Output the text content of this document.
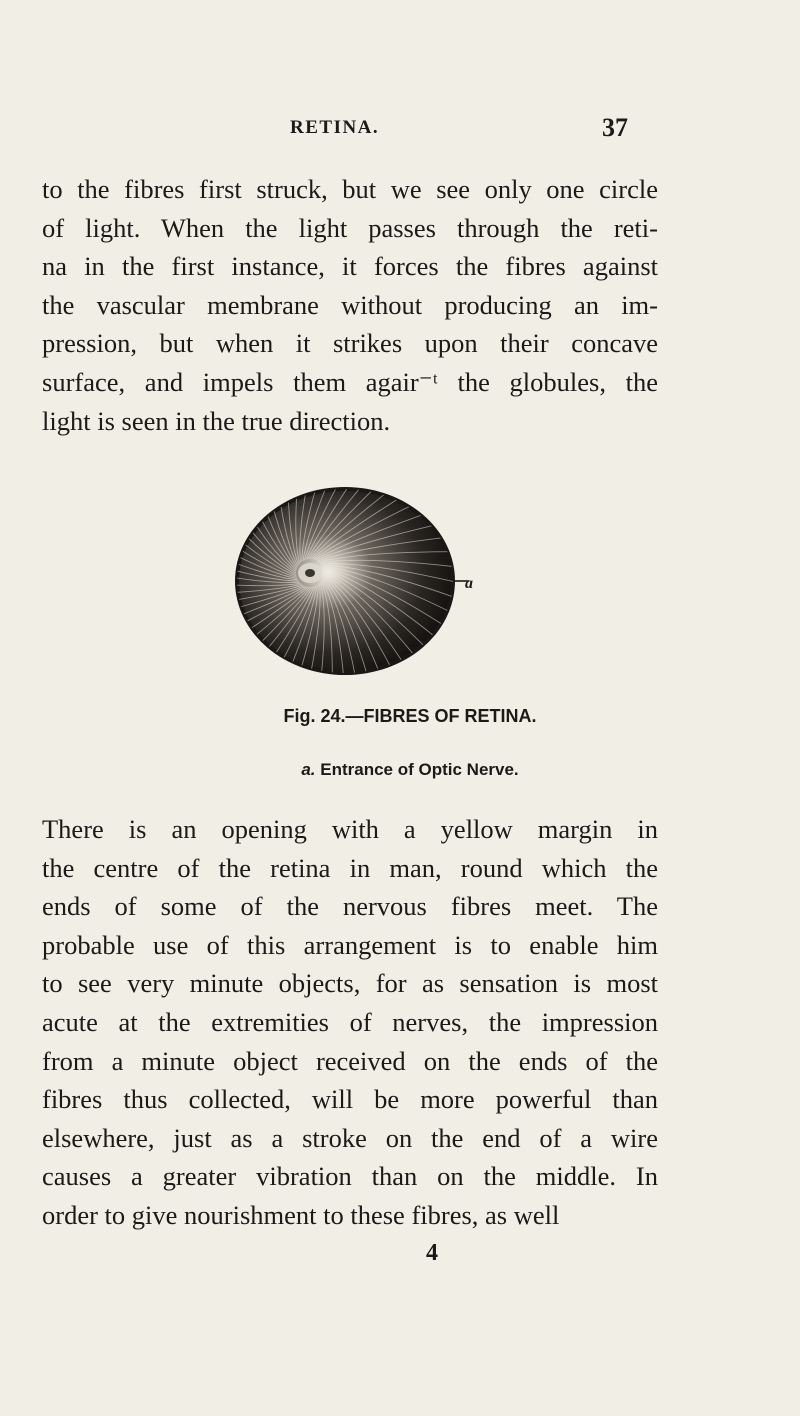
RETINA.	37
to the fibres first struck, but we see only one circle
of light. When the light passes through the reti-
na in the first instance, it forces the fibres against
the vascular membrane without producing an im-
pression, but when it strikes upon their concave
surface, and impels them agair⁻ᵗ the globules, the
light is seen in the true direction.
a
Fig. 24.—FIBRES OF RETINA.
a. Entrance of Optic Nerve.
There is an opening with a yellow margin in
the centre of the retina in man, round which the
ends of some of the nervous fibres meet. The
probable use of this arrangement is to enable him
to see very minute objects, for as sensation is most
acute at the extremities of nerves, the impression
from a minute object received on the ends of the
fibres thus collected, will be more powerful than
elsewhere, just as a stroke on the end of a wire
causes a greater vibration than on the middle. In
order to give nourishment to these fibres, as well
4
